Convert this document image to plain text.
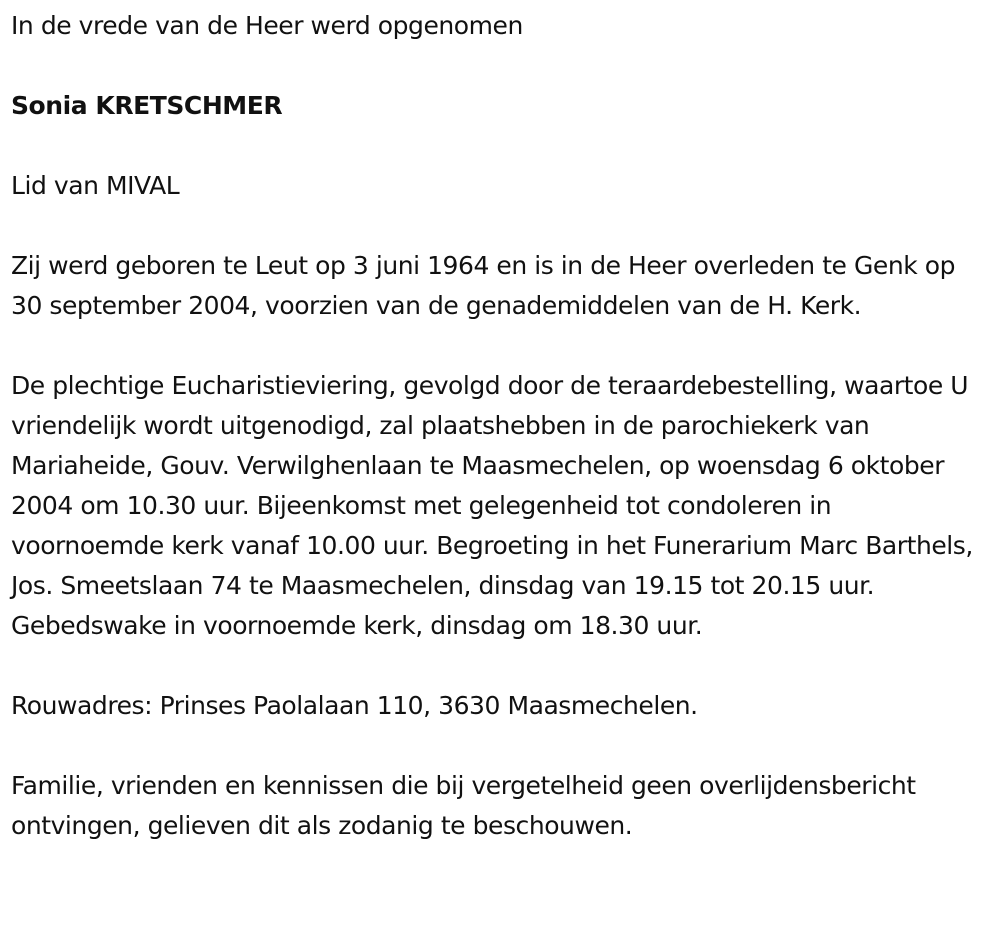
In de vrede van de Heer werd opgenomen

Sonia KRETSCHMER

Lid van MIVAL

Zij werd geboren te Leut op 3 juni 1964 en is in de Heer overleden te Genk op 30 september 2004, voorzien van de genademiddelen van de H. Kerk.

De plechtige Eucharistieviering, gevolgd door de teraardebestelling, waartoe U vriendelijk wordt uitgenodigd, zal plaatshebben in de parochiekerk van Mariaheide, Gouv. Verwilghenlaan te Maasmechelen, op woensdag 6 oktober 2004 om 10.30 uur. Bijeenkomst met gelegenheid tot condoleren in voornoemde kerk vanaf 10.00 uur. Begroeting in het Funerarium Marc Barthels, Jos. Smeetslaan 74 te Maasmechelen, dinsdag van 19.15 tot 20.15 uur. Gebedswake in voornoemde kerk, dinsdag om 18.30 uur.

Rouwadres: Prinses Paolalaan 110, 3630 Maasmechelen.

Familie, vrienden en kennissen die bij vergetelheid geen overlijdensbericht ontvingen, gelieven dit als zodanig te beschouwen.
